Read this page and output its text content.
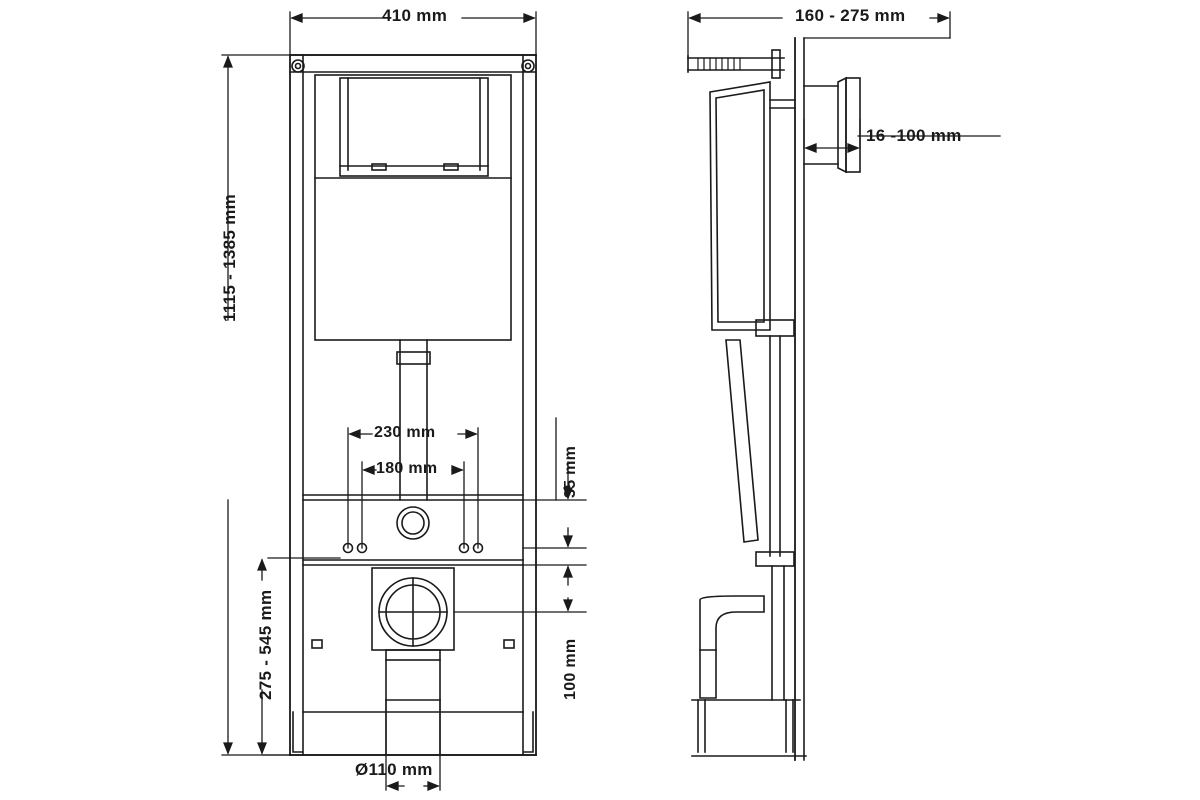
410 mm
1115 - 1385 mm
230 mm
180 mm	35 mm
100 mm
275 - 545 mm
Ø110 mm
160 - 275 mm
16 -100 mm
